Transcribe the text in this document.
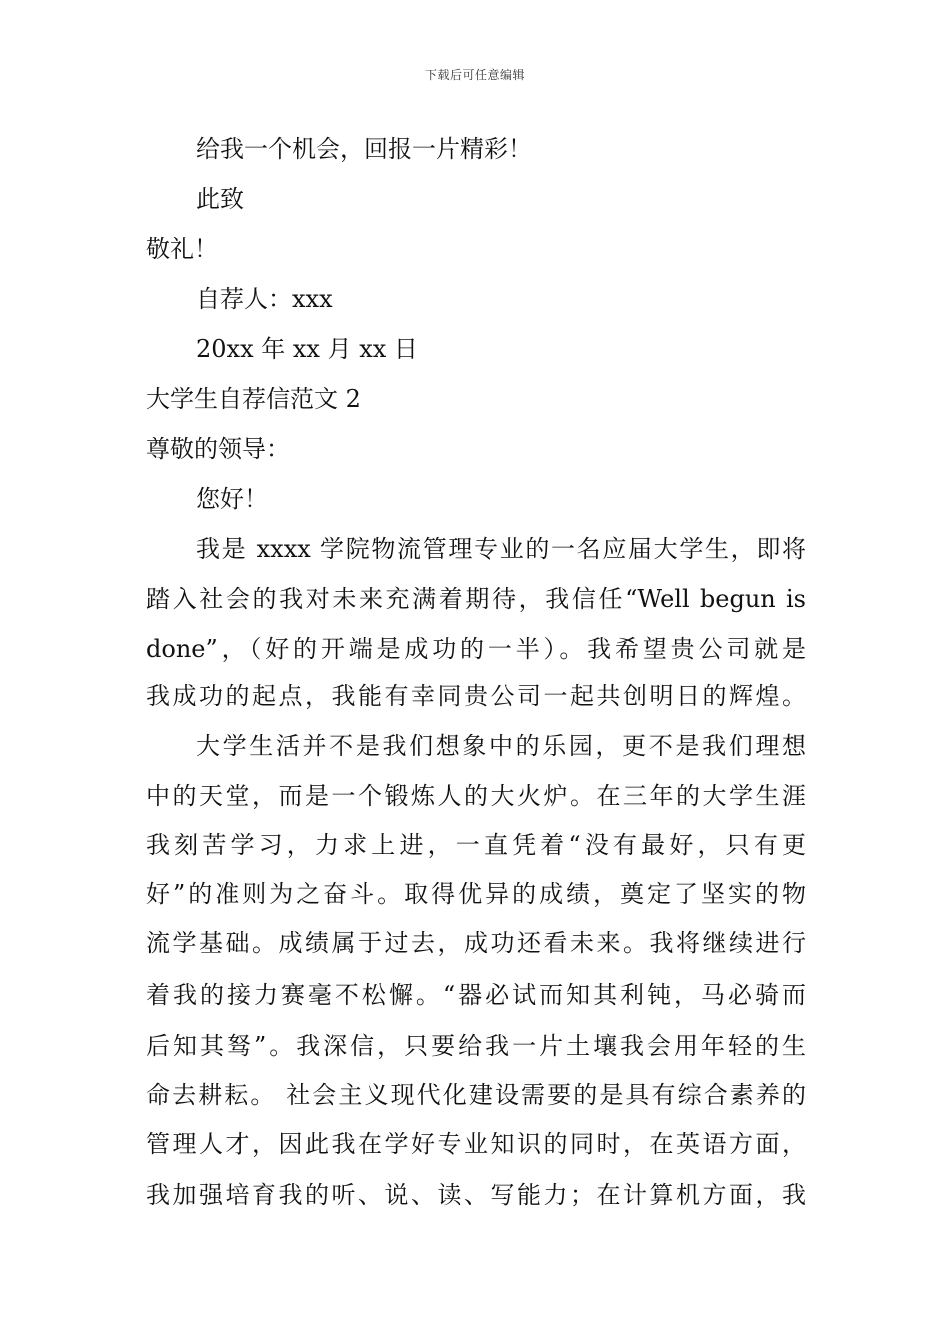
下载后可任意编辑
给我一个机会，回报一片精彩！
此致
敬礼！
自荐人：xxx
20xx 年 xx 月 xx 日
大学生自荐信范文 2
尊敬的领导：
您好！
我是 xxxx 学院物流管理专业的一名应届大学生，即将
踏入社会的我对未来充满着期待，我信任“Well begun is
done”，（好的开端是成功的一半）。我希望贵公司就是
我成功的起点，我能有幸同贵公司一起共创明日的辉煌。
大学生活并不是我们想象中的乐园，更不是我们理想
中的天堂，而是一个锻炼人的大火炉。在三年的大学生涯
我刻苦学习，力求上进，一直凭着“没有最好，只有更
好”的准则为之奋斗。取得优异的成绩，奠定了坚实的物
流学基础。成绩属于过去，成功还看未来。我将继续进行
着我的接力赛毫不松懈。“器必试而知其利钝，马必骑而
后知其驽”。我深信，只要给我一片土壤我会用年轻的生
命去耕耘。 社会主义现代化建设需要的是具有综合素养的
管理人才，因此我在学好专业知识的同时，在英语方面，
我加强培育我的听、说、读、写能力；在计算机方面，我
